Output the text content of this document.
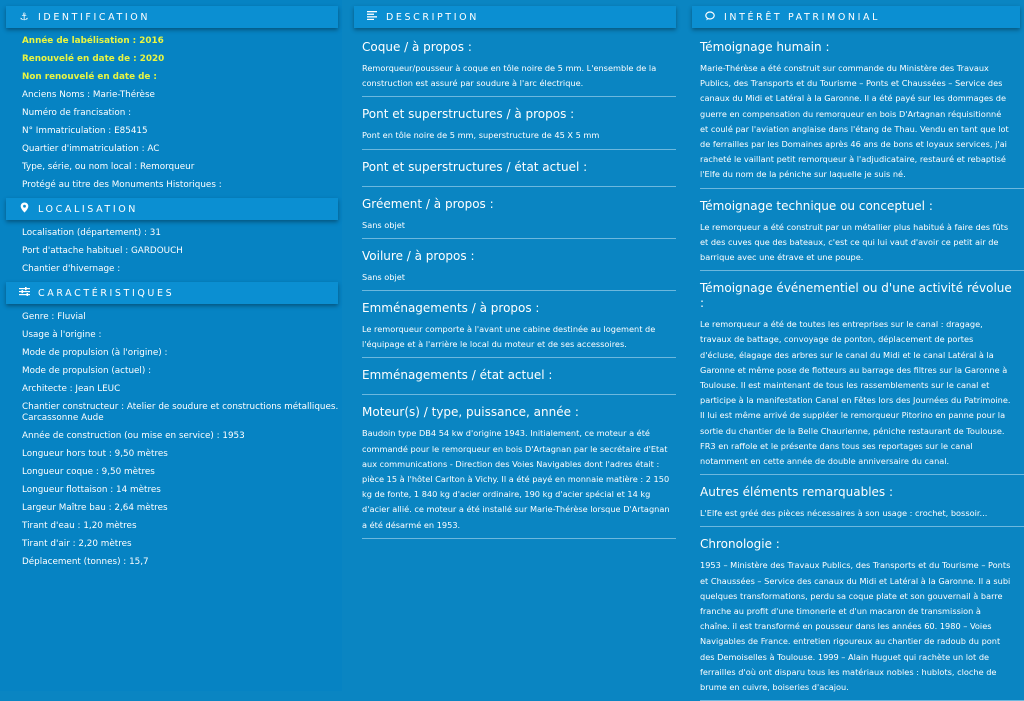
⚓ IDENTIFICATION
Année de labélisation : 2016
Renouvelé en date de : 2020
Non renouvelé en date de :
Anciens Noms : Marie-Thérèse
Numéro de francisation :
N° Immatriculation : E85415
Quartier d'immatriculation : AC
Type, série, ou nom local : Remorqueur
Protégé au titre des Monuments Historiques :
LOCALISATION
Localisation (département) : 31
Port d'attache habituel : GARDOUCH
Chantier d'hivernage :
CARACTÉRISTIQUES
Genre : Fluvial
Usage à l'origine :
Mode de propulsion (à l'origine) :
Mode de propulsion (actuel) :
Architecte : Jean LEUC
Chantier constructeur : Atelier de soudure et constructions métalliques. Carcassonne Aude
Année de construction (ou mise en service) : 1953
Longueur hors tout : 9,50 mètres
Longueur coque : 9,50 mètres
Longueur flottaison : 14 mètres
Largeur Maître bau : 2,64 mètres
Tirant d'eau : 1,20 mètres
Tirant d'air : 2,20 mètres
Déplacement (tonnes) : 15,7
DESCRIPTION
Coque / à propos :

Remorqueur/pousseur à coque en tôle noire de 5 mm. L'ensemble de la construction est assuré par soudure à l'arc électrique.

Pont et superstructures / à propos :

Pont en tôle noire de 5 mm, superstructure de 45 X 5 mm

Pont et superstructures / état actuel :
Gréement / à propos :

Sans objet

Voilure / à propos :

Sans objet

Emménagements / à propos :

Le remorqueur comporte à l'avant une cabine destinée au logement de l'équipage et à l'arrière le local du moteur et de ses accessoires.

Emménagements / état actuel :
Moteur(s) / type, puissance, année :

Baudoin type DB4 54 kw d'origine 1943. Initialement, ce moteur a été commandé pour le remorqueur en bois D'Artagnan par le secrétaire d'Etat aux communications - Direction des Voies Navigables dont l'adres était : pièce 15 à l'hôtel Carlton à Vichy. Il a été payé en monnaie matière : 2 150 kg de fonte, 1 840 kg d'acier ordinaire, 190 kg d'acier spécial et 14 kg d'acier allié. ce moteur a été installé sur Marie-Thérèse lorsque D'Artagnan a été désarmé en 1953.

INTÉRÊT PATRIMONIAL
Témoignage humain :

Marie-Thérèse a été construit sur commande du Ministère des Travaux Publics, des Transports et du Tourisme – Ponts et Chaussées – Service des canaux du Midi et Latéral à la Garonne. Il a été payé sur les dommages de guerre en compensation du remorqueur en bois D'Artagnan réquisitionné et coulé par l'aviation anglaise dans l'étang de Thau. Vendu en tant que lot de ferrailles par les Domaines après 46 ans de bons et loyaux services, j'ai racheté le vaillant petit remorqueur à l'adjudicataire, restauré et rebaptisé l'Elfe du nom de la péniche sur laquelle je suis né.

Témoignage technique ou conceptuel :

Le remorqueur a été construit par un métallier plus habitué à faire des fûts et des cuves que des bateaux, c'est ce qui lui vaut d'avoir ce petit air de barrique avec une étrave et une poupe.

Témoignage événementiel ou d'une activité révolue :

Le remorqueur a été de toutes les entreprises sur le canal : dragage, travaux de battage, convoyage de ponton, déplacement de portes d'écluse, élagage des arbres sur le canal du Midi et le canal Latéral à la Garonne et même pose de flotteurs au barrage des filtres sur la Garonne à Toulouse. Il est maintenant de tous les rassemblements sur le canal et participe à la manifestation Canal en Fêtes lors des Journées du Patrimoine. Il lui est même arrivé de suppléer le remorqueur Pitorino en panne pour la sortie du chantier de la Belle Chaurienne, péniche restaurant de Toulouse. FR3 en raffole et le présente dans tous ses reportages sur le canal notamment en cette année de double anniversaire du canal.

Autres éléments remarquables :

L'Elfe est gréé des pièces nécessaires à son usage : crochet, bossoir...

Chronologie :

1953 – Ministère des Travaux Publics, des Transports et du Tourisme – Ponts et Chaussées – Service des canaux du Midi et Latéral à la Garonne. Il a subi quelques transformations, perdu sa coque plate et son gouvernail à barre franche au profit d'une timonerie et d'un macaron de transmission à chaîne. il est transformé en pousseur dans les années 60. 1980 – Voies Navigables de France. entretien rigoureux au chantier de radoub du pont des Demoiselles à Toulouse. 1999 – Alain Huguet qui rachète un lot de ferrailles d'où ont disparu tous les matériaux nobles : hublots, cloche de brume en cuivre, boiseries d'acajou.
